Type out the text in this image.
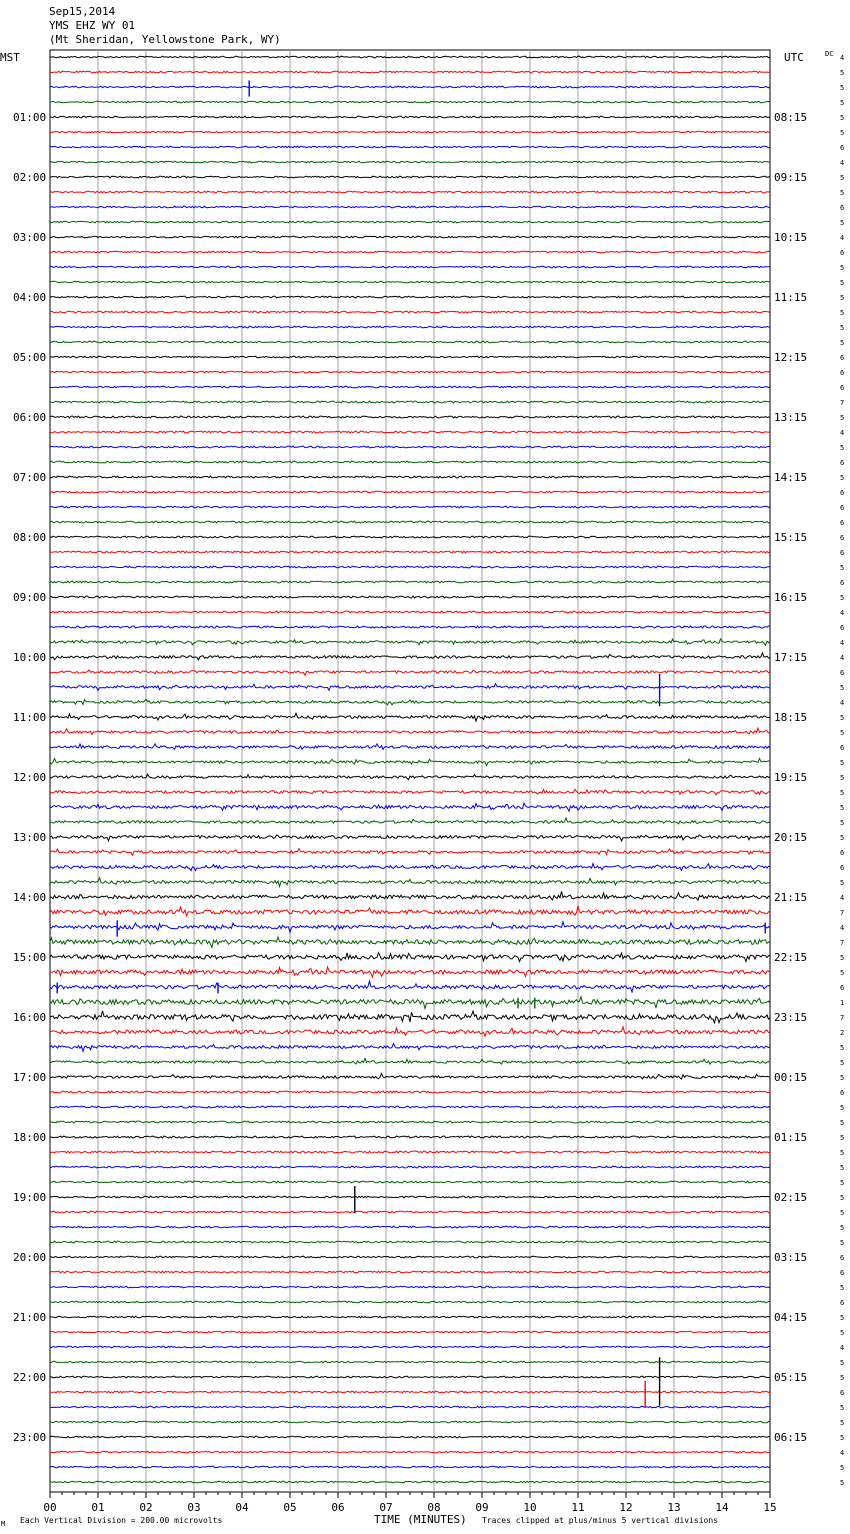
Sep15,2014
YMS EHZ WY 01
(Mt Sheridan, Yellowstone Park, WY)
01:00
02:00
03:00
04:00
05:00
06:00
07:00
08:00
09:00
10:00
11:00
12:00
13:00
14:00
15:00
16:00
17:00
18:00
19:00
20:00
21:00
22:00
23:00
08:15
09:15
10:15
11:15
12:15
13:15
14:15
15:15
16:15
17:15
18:15
19:15
20:15
21:15
22:15
23:15
00:15
01:15
02:15
03:15
04:15
05:15
06:15
4
5
5
5
5
5
6
4
5
5
6
5
4
6
5
5
5
5
5
5
6
6
6
7
5
4
5
6
5
6
6
6
6
6
5
6
5
4
6
4
4
6
5
4
5
5
6
5
5
5
5
5
5
6
6
5
4
7
4
7
5
5
6
1
7
2
5
5
5
6
5
5
5
5
5
5
5
5
5
5
6
6
5
6
5
5
4
5
5
6
5
5
5
4
5
5
00	01	02	03	04	05	06	07	08	09	10	11	12	13	14	15
MST	UTC	DC
TIME (MINUTES)
Each Vertical Division = 200.00 microvolts	Traces clipped at plus/minus 5 vertical divisions
M
